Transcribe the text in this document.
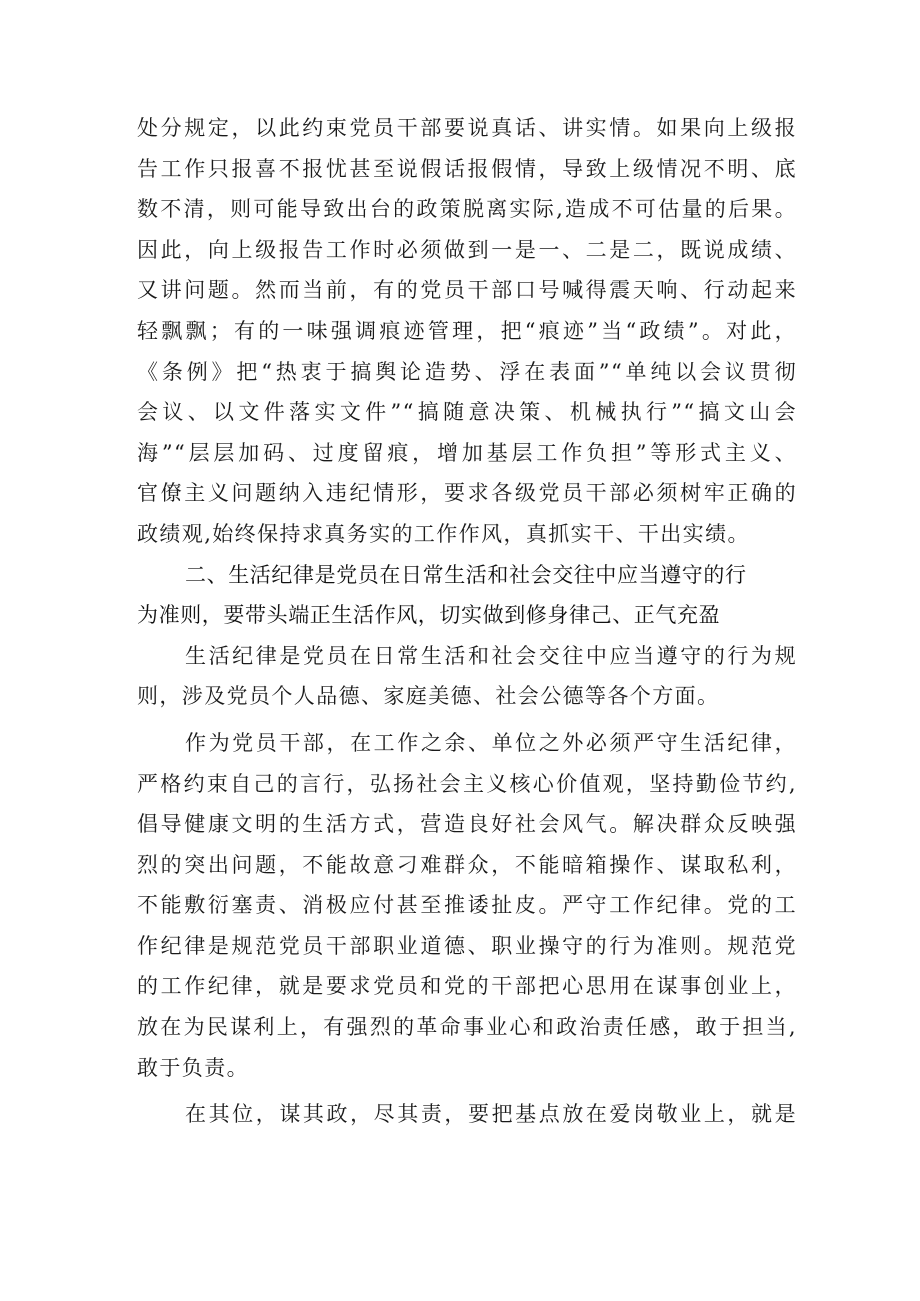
处分规定，以此约束党员干部要说真话、讲实情。如果向上级报
告工作只报喜不报忧甚至说假话报假情，导致上级情况不明、底
数不清，则可能导致出台的政策脱离实际,造成不可估量的后果。
因此，向上级报告工作时必须做到一是一、二是二，既说成绩、
又讲问题。然而当前，有的党员干部口号喊得震天响、行动起来
轻飘飘；有的一味强调痕迹管理，把“痕迹”当“政绩”。对此，
《条例》把“热衷于搞舆论造势、浮在表面”“单纯以会议贯彻
会议、以文件落实文件”“搞随意决策、机械执行”“搞文山会
海”“层层加码、过度留痕，增加基层工作负担”等形式主义、
官僚主义问题纳入违纪情形，要求各级党员干部必须树牢正确的
政绩观,始终保持求真务实的工作作风，真抓实干、干出实绩。

二、生活纪律是党员在日常生活和社会交往中应当遵守的行
为准则，要带头端正生活作风，切实做到修身律己、正气充盈

生活纪律是党员在日常生活和社会交往中应当遵守的行为规
则，涉及党员个人品德、家庭美德、社会公德等各个方面。

作为党员干部，在工作之余、单位之外必须严守生活纪律，
严格约束自己的言行，弘扬社会主义核心价值观，坚持勤俭节约,
倡导健康文明的生活方式，营造良好社会风气。解决群众反映强
烈的突出问题，不能故意刁难群众，不能暗箱操作、谋取私利，
不能敷衍塞责、消极应付甚至推诿扯皮。严守工作纪律。党的工
作纪律是规范党员干部职业道德、职业操守的行为准则。规范党
的工作纪律，就是要求党员和党的干部把心思用在谋事创业上，
放在为民谋利上，有强烈的革命事业心和政治责任感，敢于担当,
敢于负责。

在其位，谋其政，尽其责，要把基点放在爱岗敬业上，就是
